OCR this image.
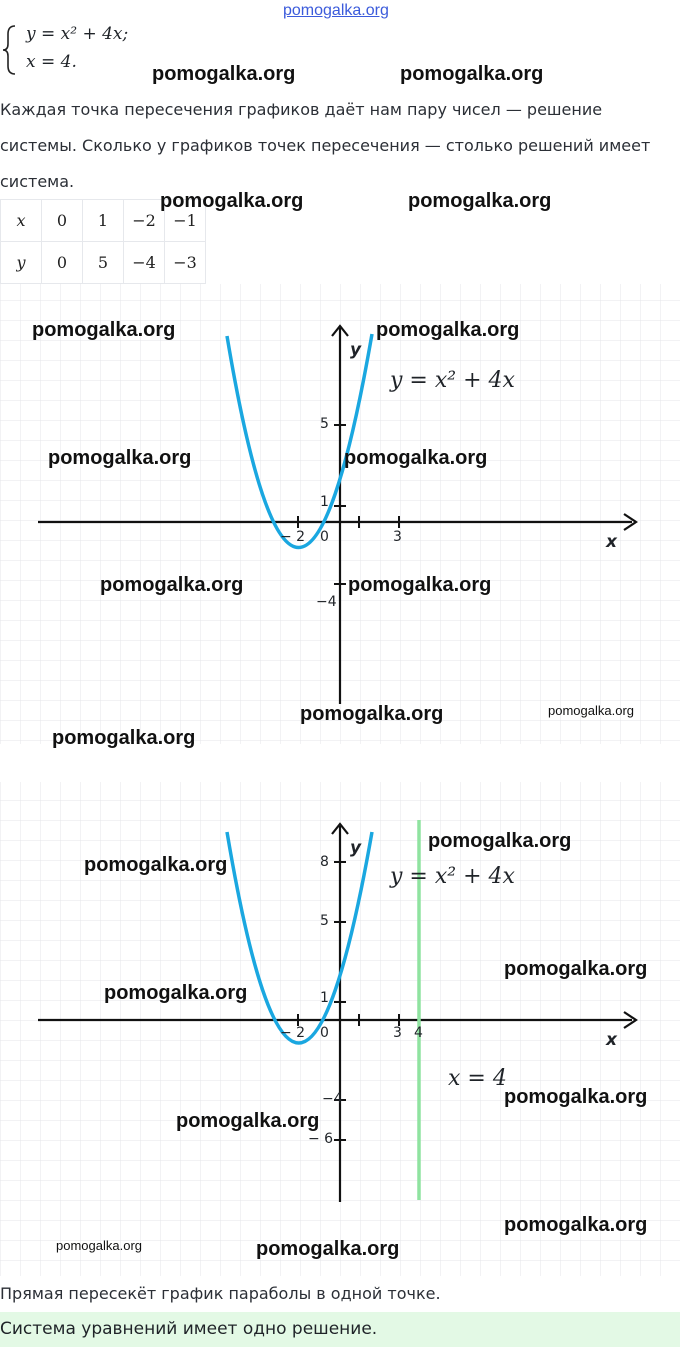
pomogalka.org
y = x² + 4x;
x = 4.
pomogalka.org	pomogalka.org
Каждая точка пересечения графиков даёт нам пару чисел — решение системы. Сколько у графиков точек пересечения — столько решений имеет система.
x	0	1	−2	−1
y	0	5	−4	−3
pomogalka.org	pomogalka.org
y
x
y = x² + 4x
5
1
− 2 0	3
−4
pomogalka.org	pomogalka.org
pomogalka.org	pomogalka.org
pomogalka.org	pomogalka.org
pomogalka.org	pomogalka.org
pomogalka.org
y
x
y = x² + 4x
x = 4
8
5
1
− 2 0	3 4
−4
− 6
pomogalka.org
pomogalka.org
pomogalka.org
pomogalka.org
pomogalka.org
pomogalka.org
pomogalka.org
pomogalka.org	pomogalka.org
Прямая пересекёт график параболы в одной точке.
Система уравнений имеет одно решение.
